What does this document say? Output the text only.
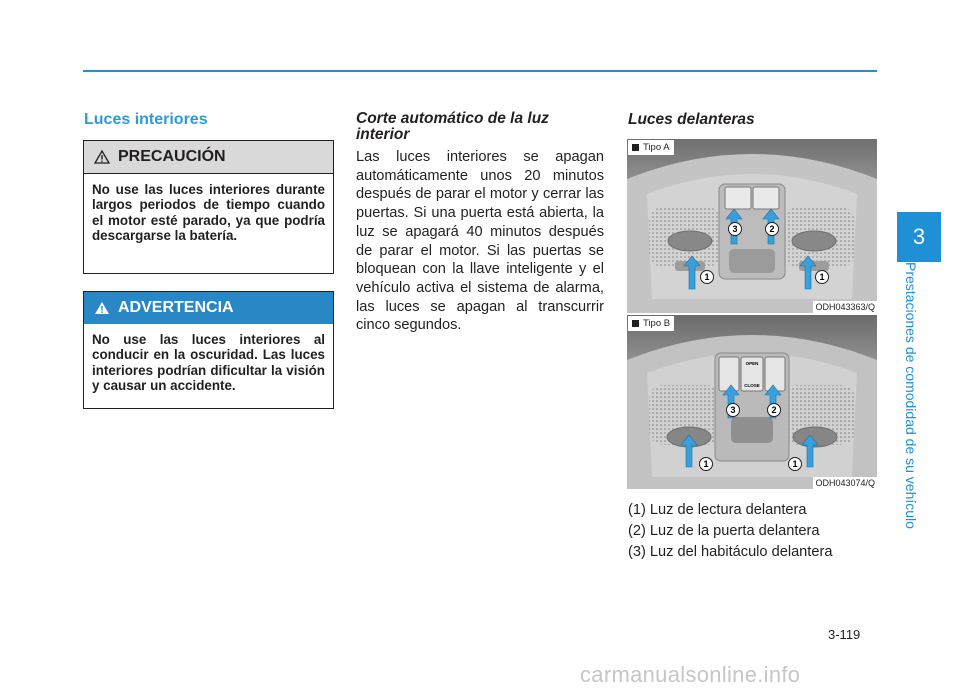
Luces interiores
PRECAUCIÓN
No use las luces interiores durante largos periodos de tiempo cuando el motor esté parado, ya que podría descargarse la batería.
ADVERTENCIA
No use las luces interiores al conducir en la oscuridad. Las luces interiores podrían dificultar la visión y causar un accidente.
Corte automático de la luz interior
Las luces interiores se apagan automáticamente unos 20 minutos después de parar el motor y cerrar las puertas. Si una puerta está abierta, la luz se apagará 40 minutos después de parar el motor. Si las puertas se bloquean con la llave inteligente y el vehículo activa el sistema de alarma, las luces se apagan al transcurrir cinco segundos.
Luces delanteras
3	2
1	1
Tipo A
ODH043363/Q
OPEN
CLOSE
3	2
1	1
Tipo B
ODH043074/Q
(1) Luz de lectura delantera
(2) Luz de la puerta delantera
(3) Luz del habitáculo delantera
3
Prestaciones de comodidad de su vehículo
3-119
carmanualsonline.info
